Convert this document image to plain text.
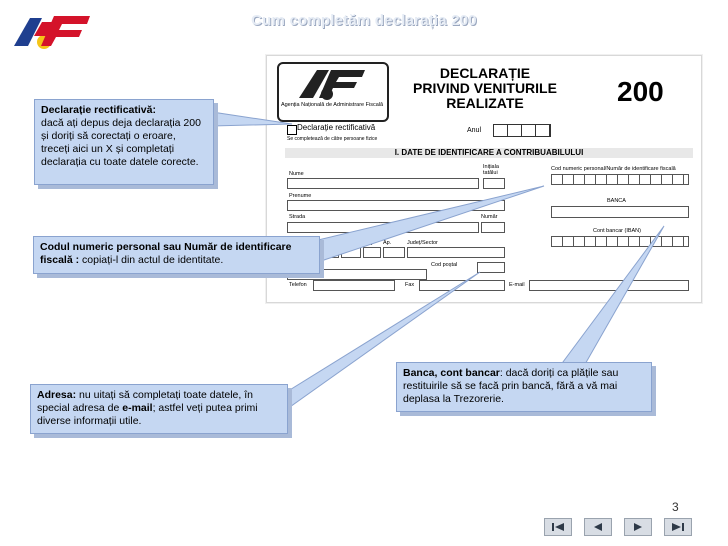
Cum completăm declarația 200
Agenția Națională de Administrare Fiscală
DECLARAȚIE
PRIVIND VENITURILE REALIZATE	200
Declarație rectificativă
Se completează de către persoane fizice
Anul
I. DATE DE IDENTIFICARE A CONTRIBUABILULUI
Nume
Inițiala tatălui
Cod numeric personal/Număr de identificare fiscală
Prenume
BANCA
Strada	Număr
Cont bancar (IBAN)
Ap.	Județ/Sector
Cod poștal
Telefon	Fax	E-mail
Declarație rectificativă:
dacă ați depus deja declarația 200 și doriți să corectați o eroare, treceți aici un X și completați declarația cu toate datele corecte.
Codul numeric personal sau Număr de identificare fiscală : copiați-l din actul de identitate.
Adresa: nu uitați să completați toate datele, în special adresa de e-mail; astfel veți putea primi diverse informații utile.
Banca, cont bancar: dacă doriți ca plățile sau restituirile să se facă prin bancă, fără a vă mai deplasa la Trezorerie.
3
